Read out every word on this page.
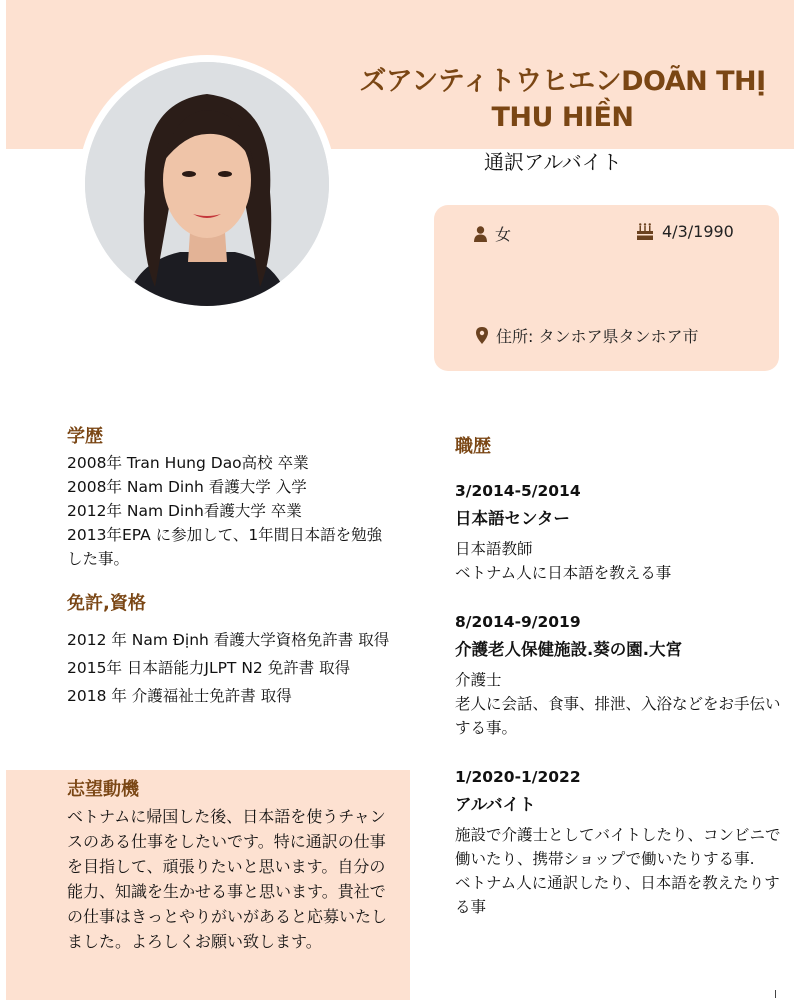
ズアンティトウヒエンDOÃN THỊ THU HIỀN
通訳アルバイト
女	4/3/1990
住所: タンホア県タンホア市
学歴
2008年 Tran Hung Dao高校 卒業
2008年 Nam Dinh 看護大学 入学
2012年 Nam Dinh看護大学 卒業
2013年EPA に参加して、1年間日本語を勉強した事。
免許,資格
2012 年 Nam Định 看護大学資格免許書 取得
2015年 日本語能力JLPT N2 免許書 取得
2018 年 介護福祉士免許書 取得
志望動機
ベトナムに帰国した後、日本語を使うチャンスのある仕事をしたいです。特に通訳の仕事を目指して、頑張りたいと思います。自分の能力、知識を生かせる事と思います。貴社での仕事はきっとやりがいがあると応募いたしました。よろしくお願い致します。
職歴
3/2014-5/2014
日本語センター
日本語教師
ベトナム人に日本語を教える事
8/2014-9/2019
介護老人保健施設.葵の園.大宮
介護士
老人に会話、食事、排泄、入浴などをお手伝いする事。
1/2020-1/2022
アルバイト
施設で介護士としてバイトしたり、コンビニで働いたり、携帯ショップで働いたりする事.
ベトナム人に通訳したり、日本語を教えたりする事
